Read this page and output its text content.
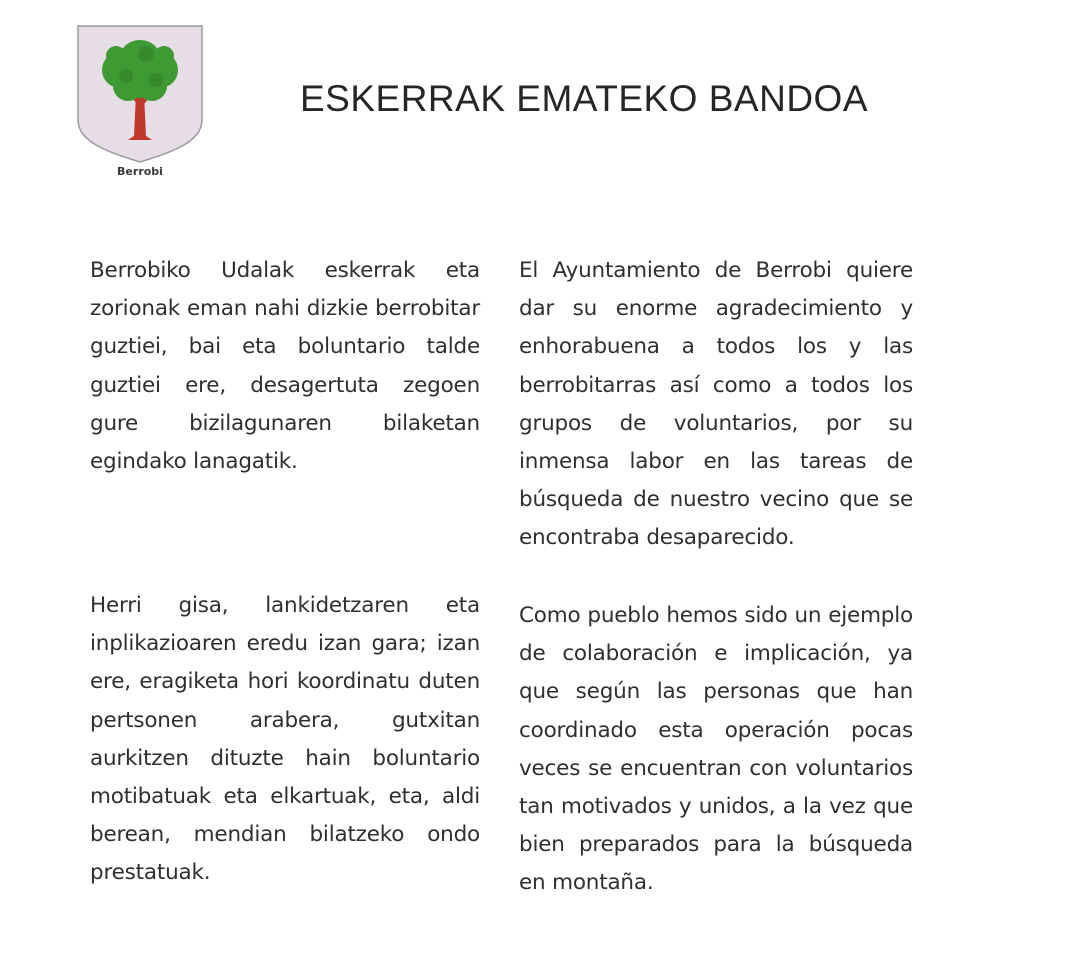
Berrobi
ESKERRAK EMATEKO BANDOA

Berrobiko Udalak eskerrak eta zorionak eman nahi dizkie berrobitar guztiei, bai eta boluntario talde guztiei ere, desagertuta zegoen gure bizilagunaren bilaketan egindako lanagatik.

Herri gisa, lankidetzaren eta inplikazioaren eredu izan gara; izan ere, eragiketa hori koordinatu duten pertsonen arabera, gutxitan aurkitzen dituzte hain boluntario motibatuak eta elkartuak, eta, aldi berean, mendian bilatzeko ondo prestatuak.

El Ayuntamiento de Berrobi quiere dar su enorme agradecimiento y enhorabuena a todos los y las berrobitarras así como a todos los grupos de voluntarios, por su inmensa labor en las tareas de búsqueda de nuestro vecino que se encontraba desaparecido.

Como pueblo hemos sido un ejemplo de colaboración e implicación, ya que según las personas que han coordinado esta operación pocas veces se encuentran con voluntarios tan motivados y unidos, a la vez que bien preparados para la búsqueda en montaña.
